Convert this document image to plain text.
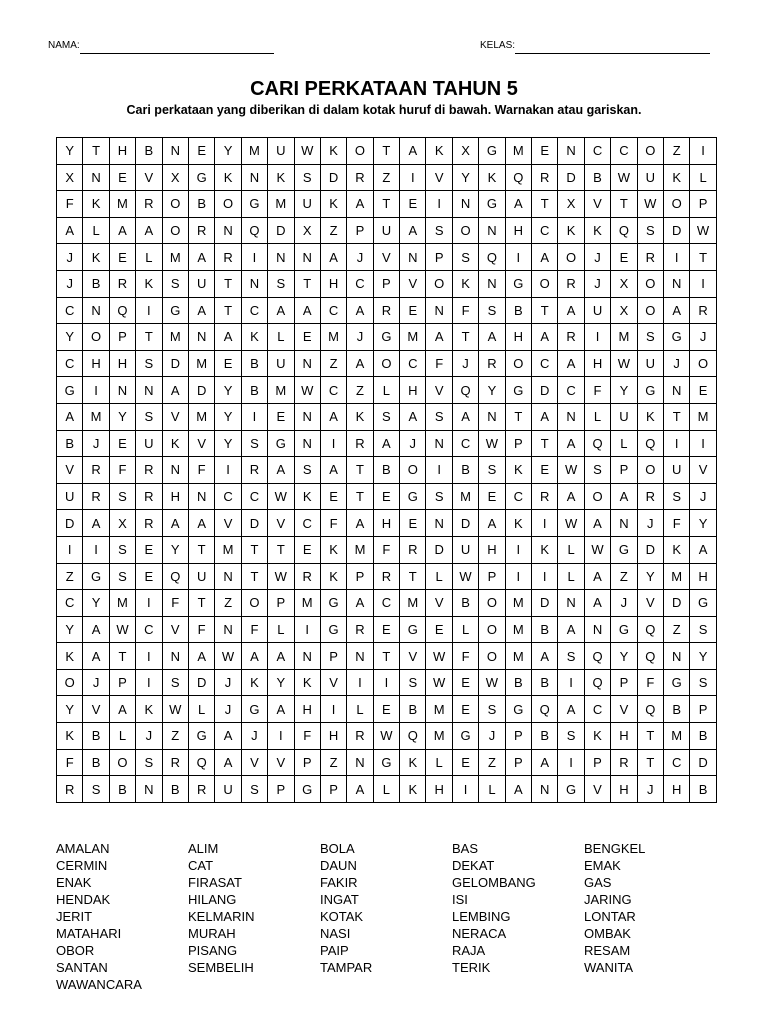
NAMA:	KELAS:
CARI PERKATAAN TAHUN 5
Cari perkataan yang diberikan di dalam kotak huruf di bawah. Warnakan atau gariskan.
Y	T	H	B	N	E	Y	M	U	W	K	O	T	A	K	X	G	M	E	N	C	C	O	Z	I
X	N	E	V	X	G	K	N	K	S	D	R	Z	I	V	Y	K	Q	R	D	B	W	U	K	L
F	K	M	R	O	B	O	G	M	U	K	A	T	E	I	N	G	A	T	X	V	T	W	O	P
A	L	A	A	O	R	N	Q	D	X	Z	P	U	A	S	O	N	H	C	K	K	Q	S	D	W
J	K	E	L	M	A	R	I	N	N	A	J	V	N	P	S	Q	I	A	O	J	E	R	I	T
J	B	R	K	S	U	T	N	S	T	H	C	P	V	O	K	N	G	O	R	J	X	O	N	I
C	N	Q	I	G	A	T	C	A	A	C	A	R	E	N	F	S	B	T	A	U	X	O	A	R
Y	O	P	T	M	N	A	K	L	E	M	J	G	M	A	T	A	H	A	R	I	M	S	G	J
C	H	H	S	D	M	E	B	U	N	Z	A	O	C	F	J	R	O	C	A	H	W	U	J	O
G	I	N	N	A	D	Y	B	M	W	C	Z	L	H	V	Q	Y	G	D	C	F	Y	G	N	E
A	M	Y	S	V	M	Y	I	E	N	A	K	S	A	S	A	N	T	A	N	L	U	K	T	M
B	J	E	U	K	V	Y	S	G	N	I	R	A	J	N	C	W	P	T	A	Q	L	Q	I	I
V	R	F	R	N	F	I	R	A	S	A	T	B	O	I	B	S	K	E	W	S	P	O	U	V
U	R	S	R	H	N	C	C	W	K	E	T	E	G	S	M	E	C	R	A	O	A	R	S	J
D	A	X	R	A	A	V	D	V	C	F	A	H	E	N	D	A	K	I	W	A	N	J	F	Y
I	I	S	E	Y	T	M	T	T	E	K	M	F	R	D	U	H	I	K	L	W	G	D	K	A
Z	G	S	E	Q	U	N	T	W	R	K	P	R	T	L	W	P	I	I	L	A	Z	Y	M	H
C	Y	M	I	F	T	Z	O	P	M	G	A	C	M	V	B	O	M	D	N	A	J	V	D	G
Y	A	W	C	V	F	N	F	L	I	G	R	E	G	E	L	O	M	B	A	N	G	Q	Z	S
K	A	T	I	N	A	W	A	A	N	P	N	T	V	W	F	O	M	A	S	Q	Y	Q	N	Y
O	J	P	I	S	D	J	K	Y	K	V	I	I	S	W	E	W	B	B	I	Q	P	F	G	S
Y	V	A	K	W	L	J	G	A	H	I	L	E	B	M	E	S	G	Q	A	C	V	Q	B	P
K	B	L	J	Z	G	A	J	I	F	H	R	W	Q	M	G	J	P	B	S	K	H	T	M	B
F	B	O	S	R	Q	A	V	V	P	Z	N	G	K	L	E	Z	P	A	I	P	R	T	C	D
R	S	B	N	B	R	U	S	P	G	P	A	L	K	H	I	L	A	N	G	V	H	J	H	B
AMALAN
CERMIN
ENAK
HENDAK
JERIT
MATAHARI
OBOR
SANTAN
WAWANCARA
ALIM
CAT
FIRASAT
HILANG
KELMARIN
MURAH
PISANG
SEMBELIH
BOLA
DAUN
FAKIR
INGAT
KOTAK
NASI
PAIP
TAMPAR
BAS
DEKAT
GELOMBANG
ISI
LEMBING
NERACA
RAJA
TERIK
BENGKEL
EMAK
GAS
JARING
LONTAR
OMBAK
RESAM
WANITA
